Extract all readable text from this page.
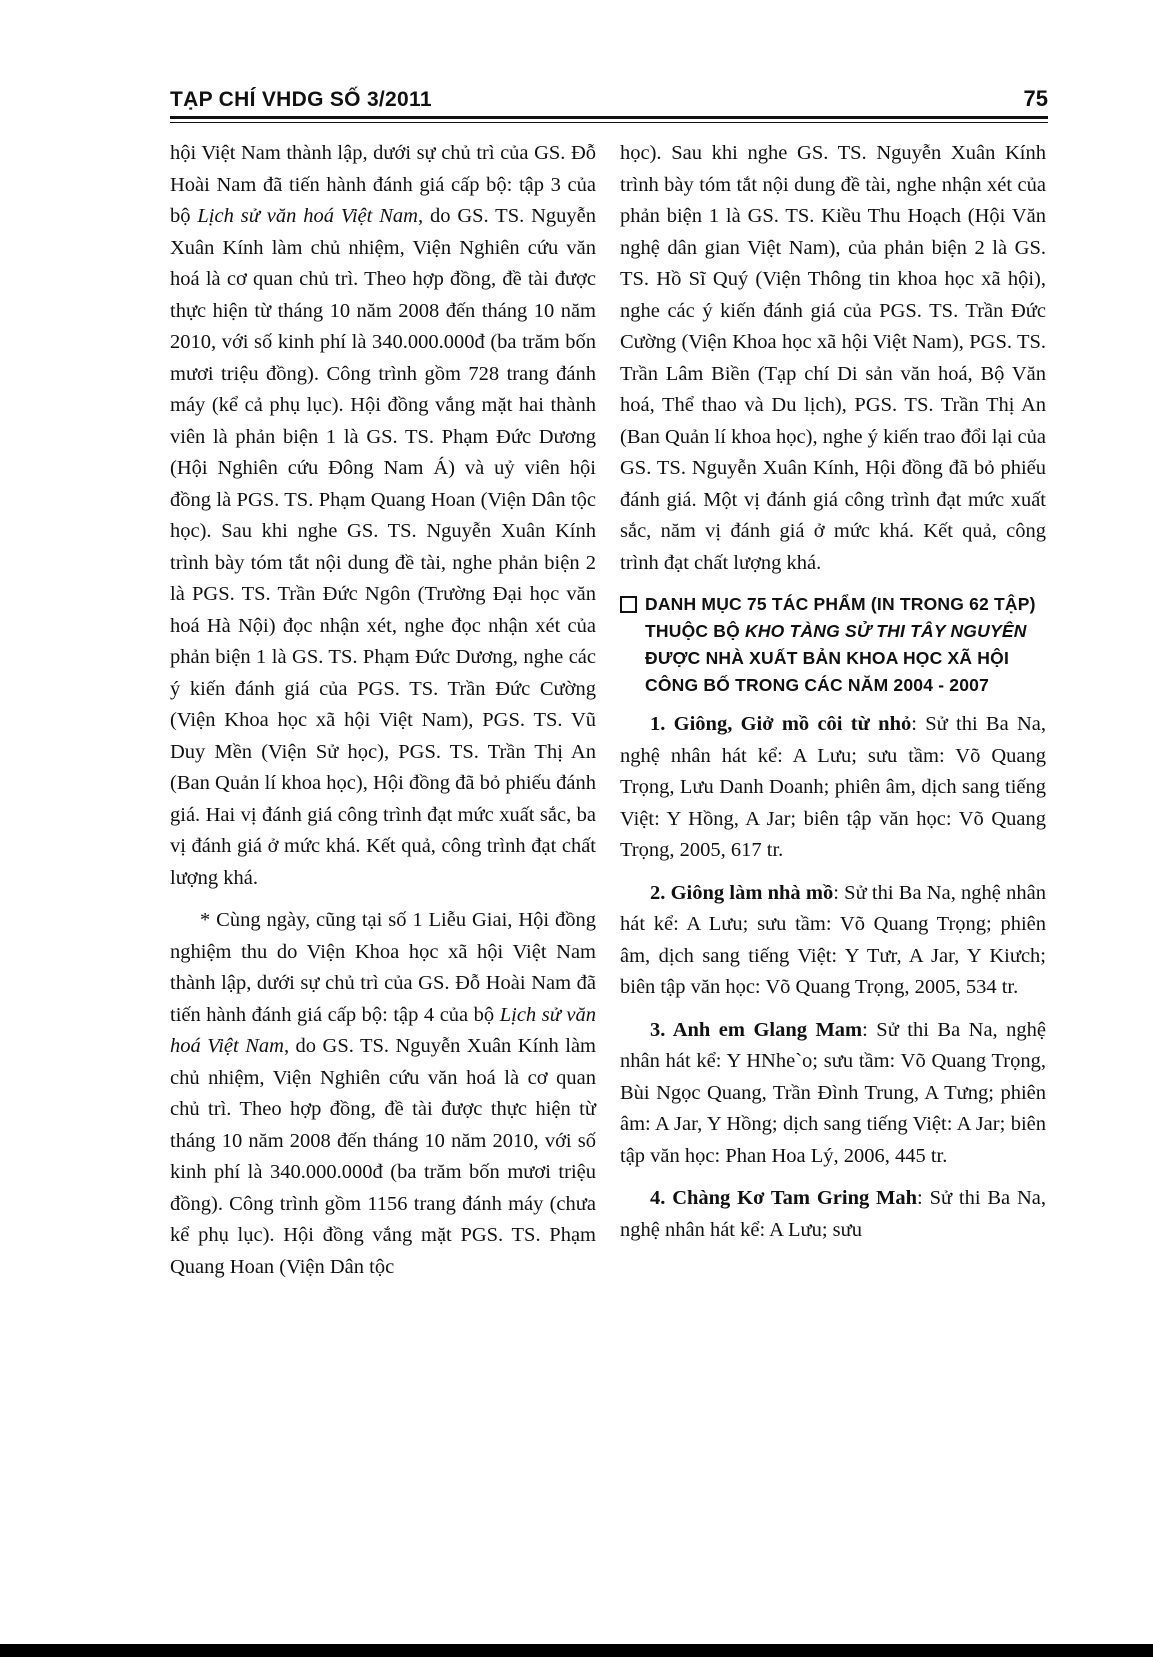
TẠP CHÍ VHDG SỐ 3/2011	75

hội Việt Nam thành lập, dưới sự chủ trì của GS. Đỗ Hoài Nam đã tiến hành đánh giá cấp bộ: tập 3 của bộ Lịch sử văn hoá Việt Nam, do GS. TS. Nguyễn Xuân Kính làm chủ nhiệm, Viện Nghiên cứu văn hoá là cơ quan chủ trì. Theo hợp đồng, đề tài được thực hiện từ tháng 10 năm 2008 đến tháng 10 năm 2010, với số kinh phí là 340.000.000đ (ba trăm bốn mươi triệu đồng). Công trình gồm 728 trang đánh máy (kể cả phụ lục). Hội đồng vắng mặt hai thành viên là phản biện 1 là GS. TS. Phạm Đức Dương (Hội Nghiên cứu Đông Nam Á) và uỷ viên hội đồng là PGS. TS. Phạm Quang Hoan (Viện Dân tộc học). Sau khi nghe GS. TS. Nguyễn Xuân Kính trình bày tóm tắt nội dung đề tài, nghe phản biện 2 là PGS. TS. Trần Đức Ngôn (Trường Đại học văn hoá Hà Nội) đọc nhận xét, nghe đọc nhận xét của phản biện 1 là GS. TS. Phạm Đức Dương, nghe các ý kiến đánh giá của PGS. TS. Trần Đức Cường (Viện Khoa học xã hội Việt Nam), PGS. TS. Vũ Duy Mền (Viện Sử học), PGS. TS. Trần Thị An (Ban Quản lí khoa học), Hội đồng đã bỏ phiếu đánh giá. Hai vị đánh giá công trình đạt mức xuất sắc, ba vị đánh giá ở mức khá. Kết quả, công trình đạt chất lượng khá.

* Cùng ngày, cũng tại số 1 Liễu Giai, Hội đồng nghiệm thu do Viện Khoa học xã hội Việt Nam thành lập, dưới sự chủ trì của GS. Đỗ Hoài Nam đã tiến hành đánh giá cấp bộ: tập 4 của bộ Lịch sử văn hoá Việt Nam, do GS. TS. Nguyễn Xuân Kính làm chủ nhiệm, Viện Nghiên cứu văn hoá là cơ quan chủ trì. Theo hợp đồng, đề tài được thực hiện từ tháng 10 năm 2008 đến tháng 10 năm 2010, với số kinh phí là 340.000.000đ (ba trăm bốn mươi triệu đồng). Công trình gồm 1156 trang đánh máy (chưa kể phụ lục). Hội đồng vắng mặt PGS. TS. Phạm Quang Hoan (Viện Dân tộc

học). Sau khi nghe GS. TS. Nguyễn Xuân Kính trình bày tóm tắt nội dung đề tài, nghe nhận xét của phản biện 1 là GS. TS. Kiều Thu Hoạch (Hội Văn nghệ dân gian Việt Nam), của phản biện 2 là GS. TS. Hồ Sĩ Quý (Viện Thông tin khoa học xã hội), nghe các ý kiến đánh giá của PGS. TS. Trần Đức Cường (Viện Khoa học xã hội Việt Nam), PGS. TS. Trần Lâm Biền (Tạp chí Di sản văn hoá, Bộ Văn hoá, Thể thao và Du lịch), PGS. TS. Trần Thị An (Ban Quản lí khoa học), nghe ý kiến trao đổi lại của GS. TS. Nguyễn Xuân Kính, Hội đồng đã bỏ phiếu đánh giá. Một vị đánh giá công trình đạt mức xuất sắc, năm vị đánh giá ở mức khá. Kết quả, công trình đạt chất lượng khá.

DANH MỤC 75 TÁC PHẨM (IN TRONG 62 TẬP) THUỘC BỘ KHO TÀNG SỬ THI TÂY NGUYÊN ĐƯỢC NHÀ XUẤT BẢN KHOA HỌC XÃ HỘI CÔNG BỐ TRONG CÁC NĂM 2004 - 2007

1. Giông, Giở mồ côi từ nhỏ: Sử thi Ba Na, nghệ nhân hát kể: A Lưu; sưu tầm: Võ Quang Trọng, Lưu Danh Doanh; phiên âm, dịch sang tiếng Việt: Y Hồng, A Jar; biên tập văn học: Võ Quang Trọng, 2005, 617 tr.

2. Giông làm nhà mồ: Sử thi Ba Na, nghệ nhân hát kể: A Lưu; sưu tầm: Võ Quang Trọng; phiên âm, dịch sang tiếng Việt: Y Tưr, A Jar, Y Kiưch; biên tập văn học: Võ Quang Trọng, 2005, 534 tr.

3. Anh em Glang Mam: Sử thi Ba Na, nghệ nhân hát kể: Y HNhe`o; sưu tầm: Võ Quang Trọng, Bùi Ngọc Quang, Trần Đình Trung, A Tưng; phiên âm: A Jar, Y Hồng; dịch sang tiếng Việt: A Jar; biên tập văn học: Phan Hoa Lý, 2006, 445 tr.

4. Chàng Kơ Tam Gring Mah: Sử thi Ba Na, nghệ nhân hát kể: A Lưu; sưu
